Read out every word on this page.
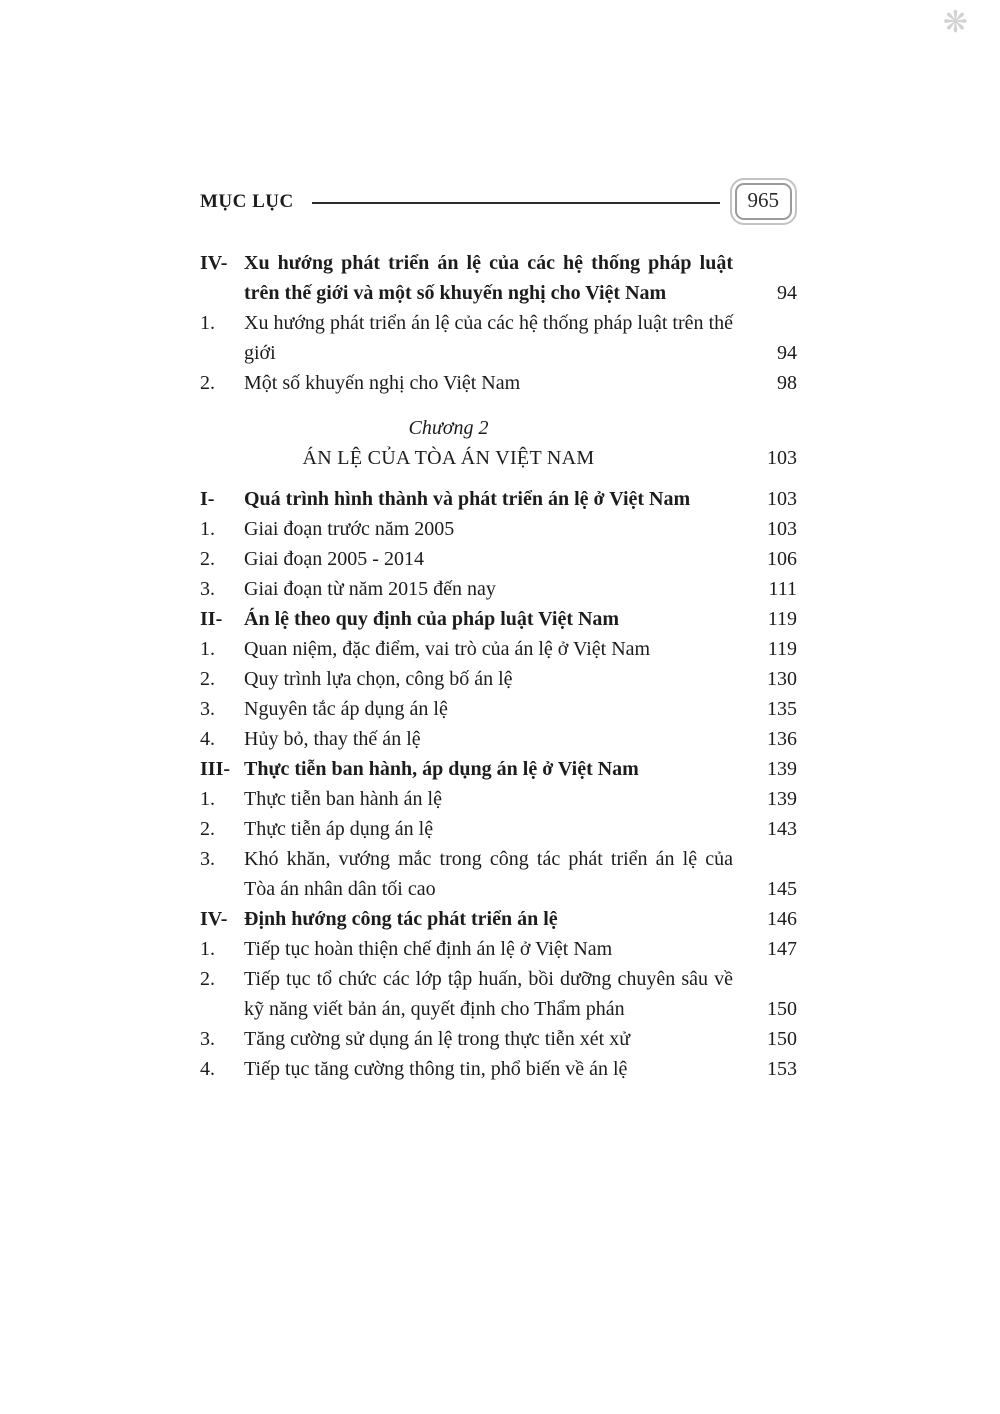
❋
MỤC LỤC	965
IV- Xu hướng phát triển án lệ của các hệ thống pháp luật trên thế giới và một số khuyến nghị cho Việt Nam	94
1.	Xu hướng phát triển án lệ của các hệ thống pháp luật trên thế giới	94
2.	Một số khuyến nghị cho Việt Nam	98
Chương 2
ÁN LỆ CỦA TÒA ÁN VIỆT NAM	103
I-	Quá trình hình thành và phát triển án lệ ở Việt Nam	103
1.	Giai đoạn trước năm 2005	103
2.	Giai đoạn 2005 - 2014	106
3.	Giai đoạn từ năm 2015 đến nay	111
II-	Án lệ theo quy định của pháp luật Việt Nam	119
1.	Quan niệm, đặc điểm, vai trò của án lệ ở Việt Nam	119
2.	Quy trình lựa chọn, công bố án lệ	130
3.	Nguyên tắc áp dụng án lệ	135
4.	Hủy bỏ, thay thế án lệ	136
III- Thực tiễn ban hành, áp dụng án lệ ở Việt Nam	139
1.	Thực tiễn ban hành án lệ	139
2.	Thực tiễn áp dụng án lệ	143
3.	Khó khăn, vướng mắc trong công tác phát triển án lệ của Tòa án nhân dân tối cao	145
IV- Định hướng công tác phát triển án lệ	146
1.	Tiếp tục hoàn thiện chế định án lệ ở Việt Nam	147
2.	Tiếp tục tổ chức các lớp tập huấn, bồi dưỡng chuyên sâu về kỹ năng viết bản án, quyết định cho Thẩm phán	150
3.	Tăng cường sử dụng án lệ trong thực tiễn xét xử	150
4.	Tiếp tục tăng cường thông tin, phổ biến về án lệ	153
